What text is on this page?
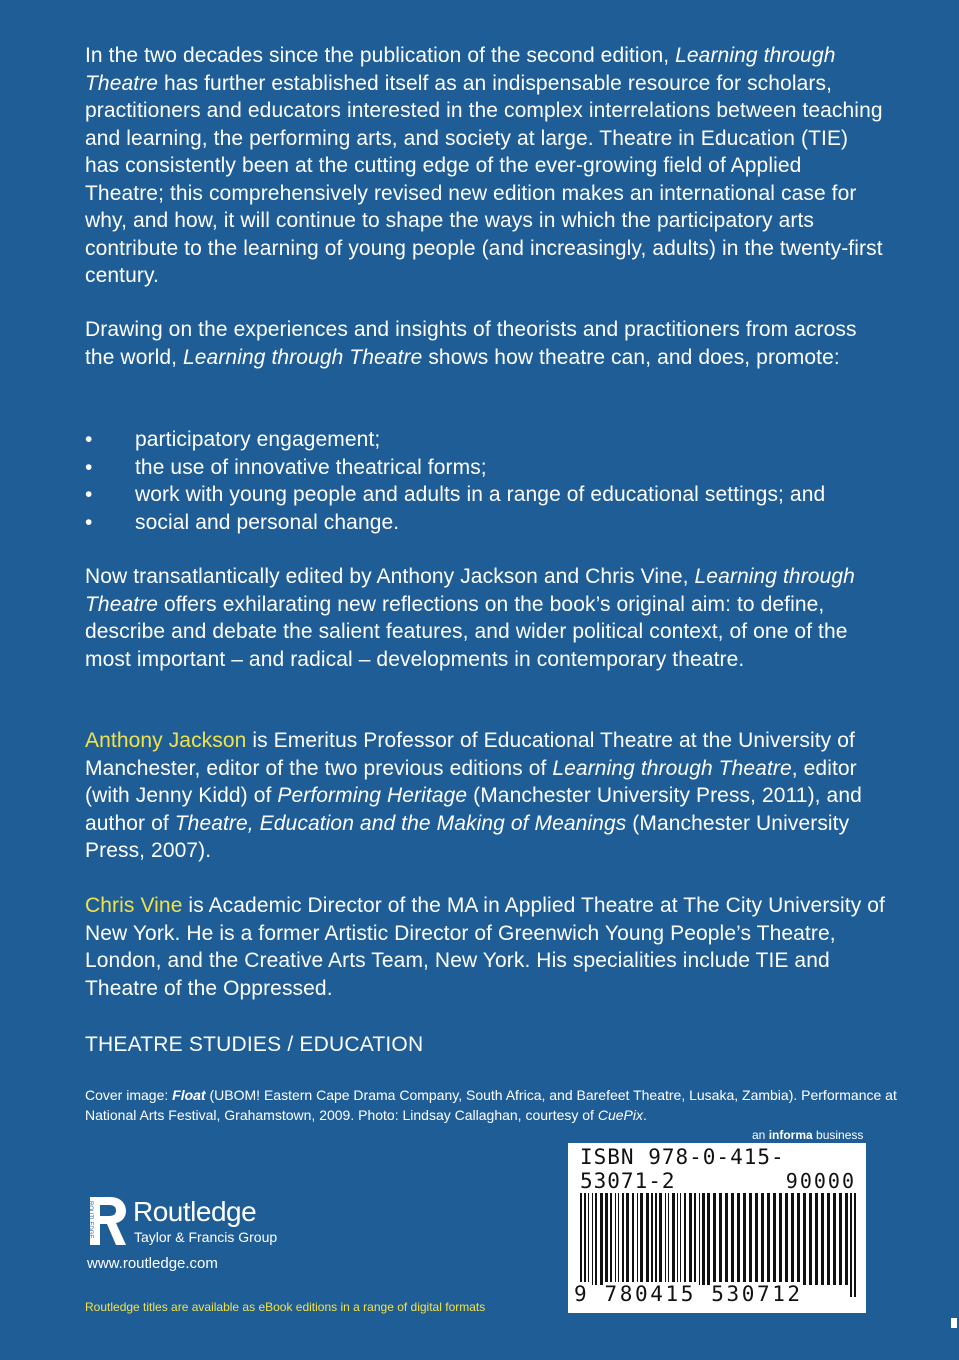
In the two decades since the publication of the second edition, Learning through Theatre has further established itself as an indispensable resource for scholars, practitioners and educators interested in the complex interrelations between teaching and learning, the performing arts, and society at large. Theatre in Education (TIE) has consistently been at the cutting edge of the ever-growing field of Applied Theatre; this comprehensively revised new edition makes an international case for why, and how, it will continue to shape the ways in which the participatory arts contribute to the learning of young people (and increasingly, adults) in the twenty-first century.

Drawing on the experiences and insights of theorists and practitioners from across the world, Learning through Theatre shows how theatre can, and does, promote:

• participatory engagement;
• the use of innovative theatrical forms;
• work with young people and adults in a range of educational settings; and
• social and personal change.

Now transatlantically edited by Anthony Jackson and Chris Vine, Learning through Theatre offers exhilarating new reflections on the book’s original aim: to define, describe and debate the salient features, and wider political context, of one of the most important – and radical – developments in contemporary theatre.

Anthony Jackson is Emeritus Professor of Educational Theatre at the University of Manchester, editor of the two previous editions of Learning through Theatre, editor (with Jenny Kidd) of Performing Heritage (Manchester University Press, 2011), and author of Theatre, Education and the Making of Meanings (Manchester University Press, 2007).

Chris Vine is Academic Director of the MA in Applied Theatre at The City University of New York. He is a former Artistic Director of Greenwich Young People’s Theatre, London, and the Creative Arts Team, New York. His specialities include TIE and Theatre of the Oppressed.

THEATRE STUDIES / EDUCATION
Cover image: Float (UBOM! Eastern Cape Drama Company, South Africa, and Barefeet Theatre, Lusaka, Zambia). Performance at National Arts Festival, Grahamstown, 2009. Photo: Lindsay Callaghan, courtesy of CuePix.
an informa business
ISBN 978-0-415-53071-2	90000
9  780415  530712
ROUTLEDGE Routledge
Taylor & Francis Group
www.routledge.com
Routledge titles are available as eBook editions in a range of digital formats
